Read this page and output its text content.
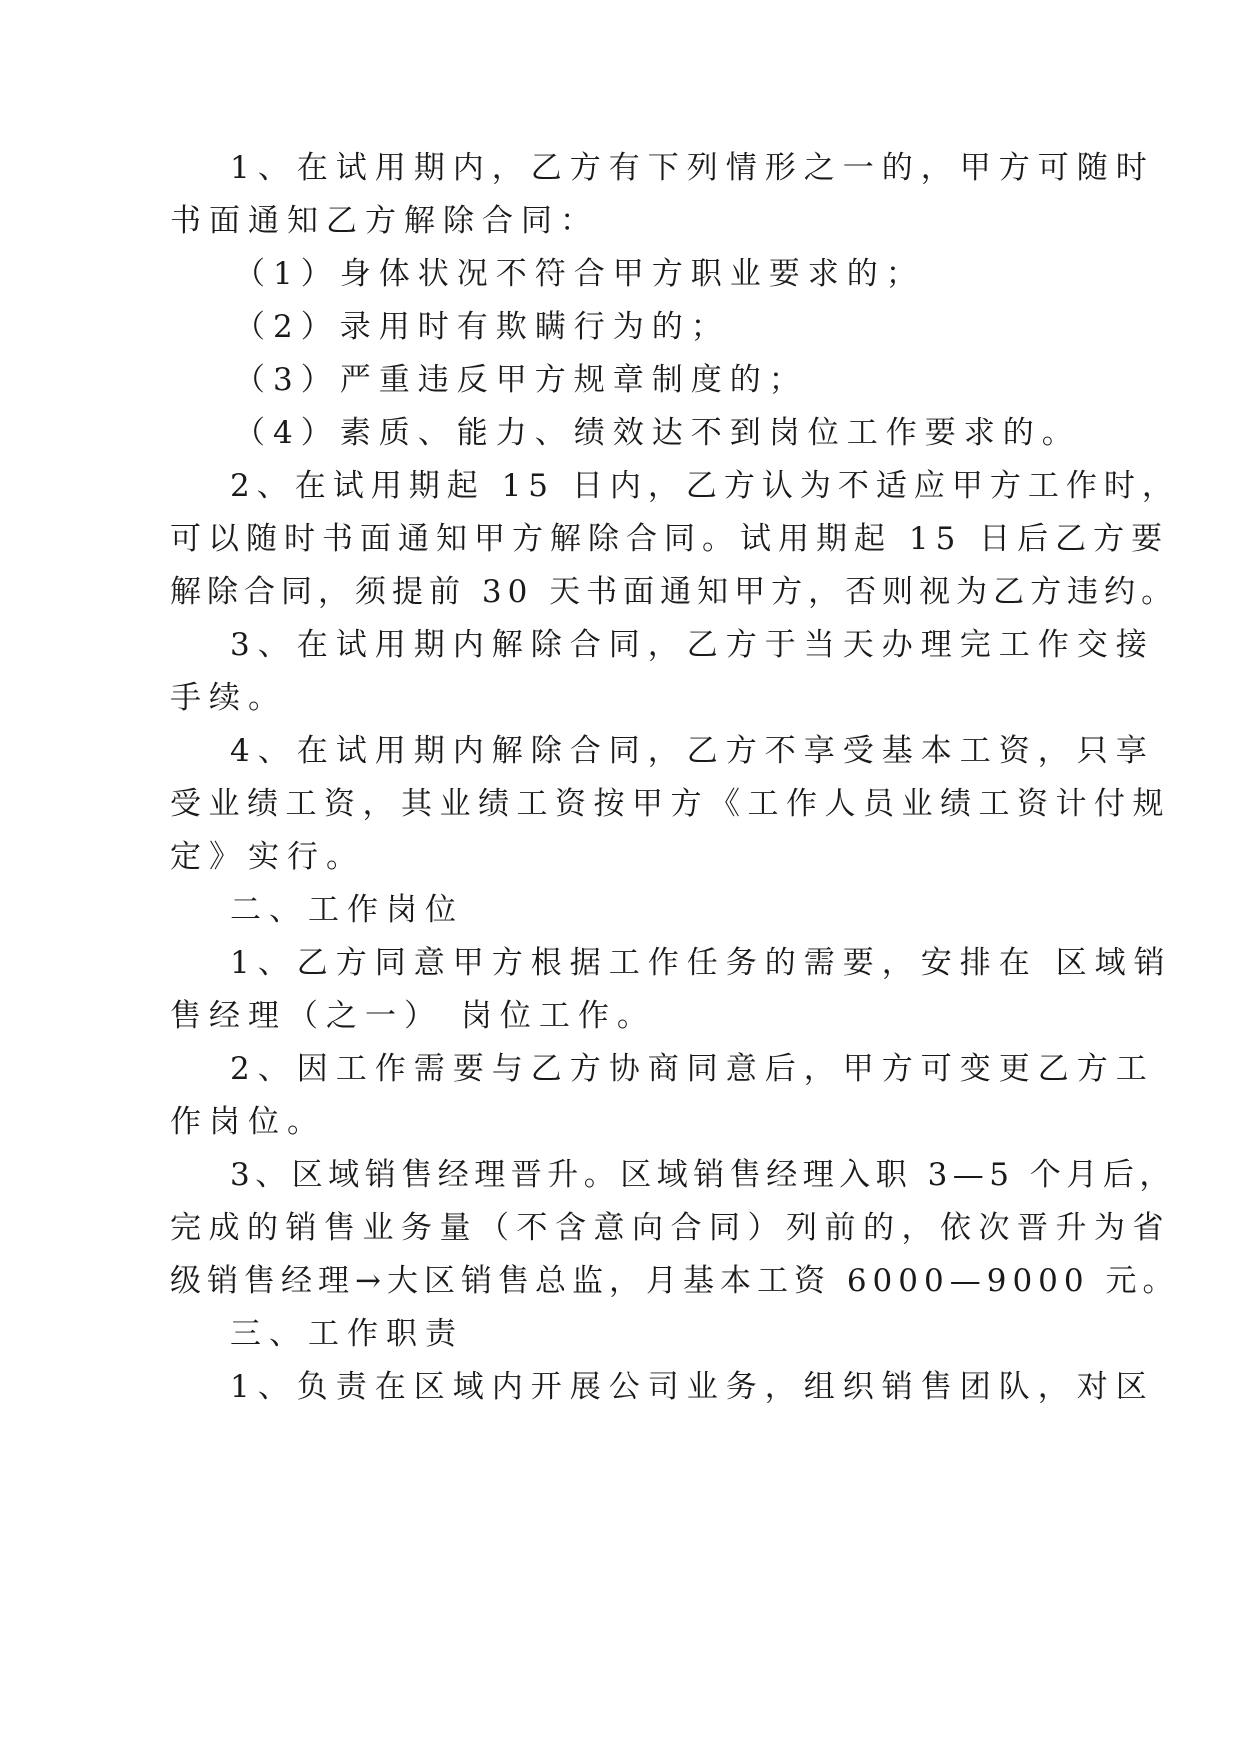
1、在试用期内，乙方有下列情形之一的，甲方可随时

书面通知乙方解除合同：

（1）身体状况不符合甲方职业要求的；

（2）录用时有欺瞒行为的；

（3）严重违反甲方规章制度的；

（4）素质、能力、绩效达不到岗位工作要求的。

2、在试用期起 15 日内，乙方认为不适应甲方工作时，

可以随时书面通知甲方解除合同。试用期起 15 日后乙方要

解除合同，须提前 30 天书面通知甲方，否则视为乙方违约。

3、在试用期内解除合同，乙方于当天办理完工作交接

手续。

4、在试用期内解除合同，乙方不享受基本工资，只享

受业绩工资，其业绩工资按甲方《工作人员业绩工资计付规

定》实行。

二、工作岗位

1、乙方同意甲方根据工作任务的需要，安排在 区域销

售经理（之一） 岗位工作。

2、因工作需要与乙方协商同意后，甲方可变更乙方工

作岗位。

3、区域销售经理晋升。区域销售经理入职 3—5 个月后，

完成的销售业务量（不含意向合同）列前的，依次晋升为省

级销售经理→大区销售总监，月基本工资 6000—9000 元。

三、工作职责

1、负责在区域内开展公司业务，组织销售团队，对区
